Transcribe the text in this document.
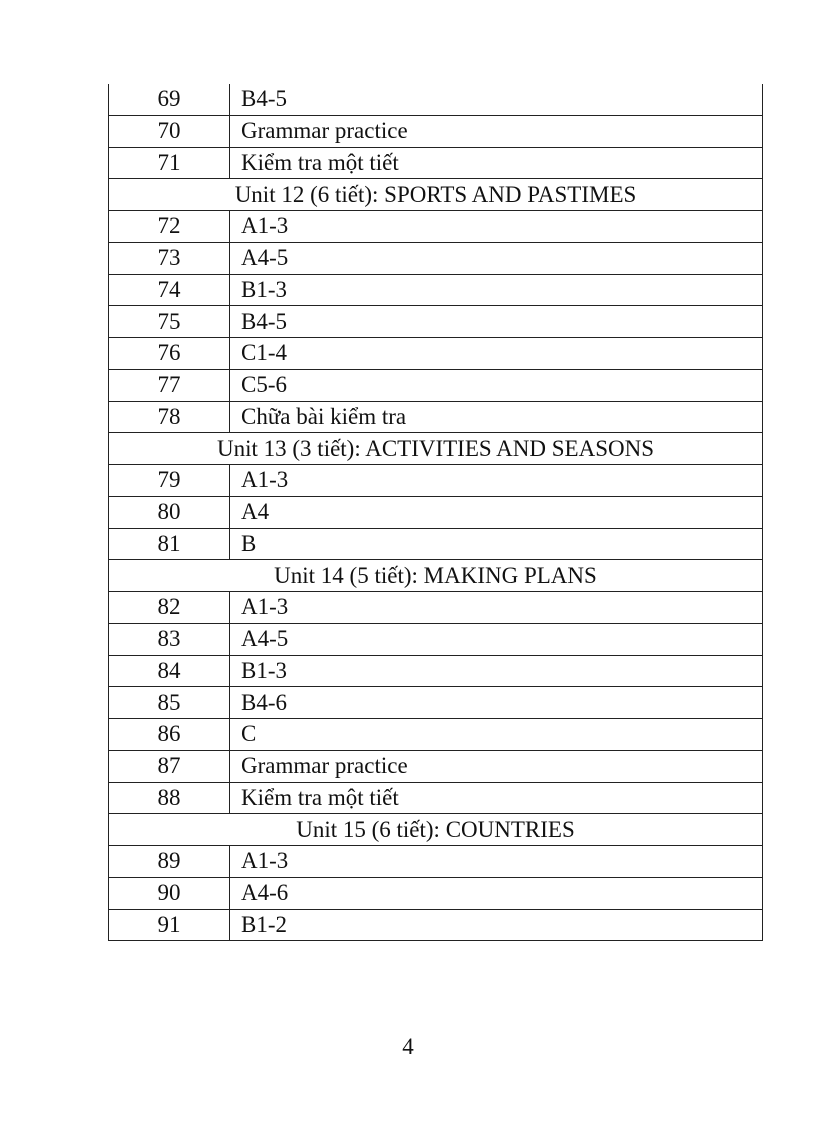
69	B4-5
70	Grammar practice
71	Kiểm tra một tiết
Unit 12 (6 tiết): SPORTS AND PASTIMES	
72	A1-3
73	A4-5
74	B1-3
75	B4-5
76	C1-4
77	C5-6
78	Chữa bài kiểm tra
Unit 13 (3 tiết): ACTIVITIES AND SEASONS	
79	A1-3
80	A4
81	B
Unit 14 (5 tiết): MAKING PLANS	
82	A1-3
83	A4-5
84	B1-3
85	B4-6
86	C
87	Grammar practice
88	Kiểm tra một tiết
Unit 15 (6 tiết): COUNTRIES	
89	A1-3
90	A4-6
91	B1-2
4
